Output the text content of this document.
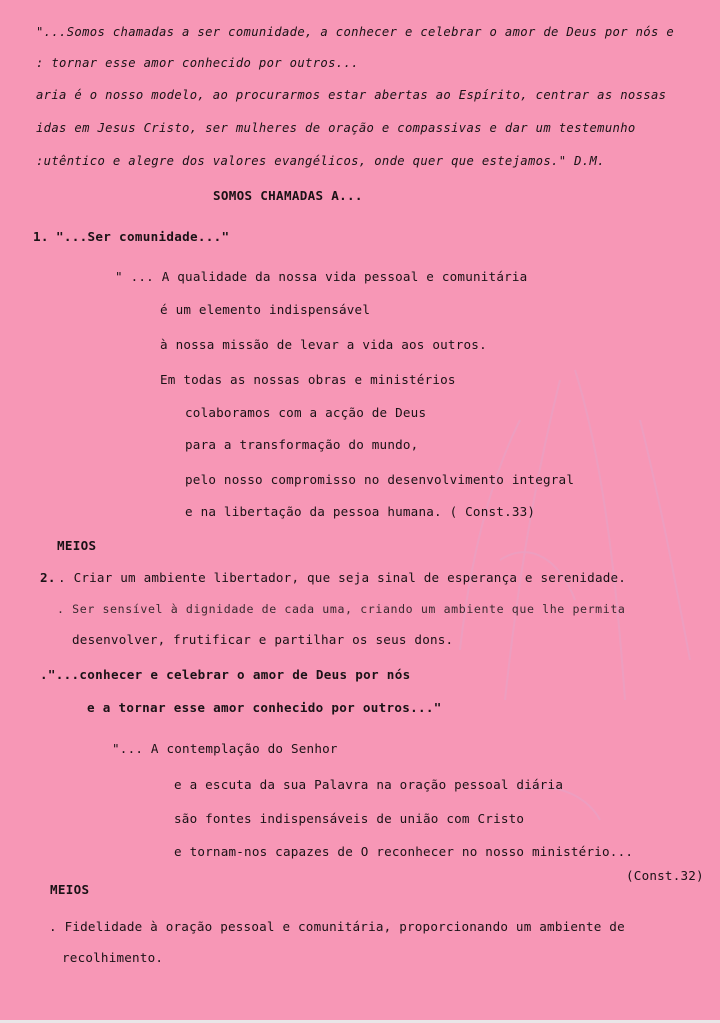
"...Somos chamadas a ser comunidade, a conhecer e celebrar o amor de Deus por nós e
: tornar esse amor conhecido por outros...
aria é o nosso modelo, ao procurarmos estar abertas ao Espírito, centrar as nossas
idas em Jesus Cristo, ser mulheres de oração e compassivas e dar um testemunho
:utêntico e alegre dos valores evangélicos, onde quer que estejamos." D.M.
SOMOS CHAMADAS A...
1. "...Ser comunidade..."
" ... A qualidade da nossa vida pessoal e comunitária
é um elemento indispensável
à nossa missão de levar a vida aos outros.
Em todas as nossas obras e ministérios
colaboramos com a acção de Deus
para a transformação do mundo,
pelo nosso compromisso no desenvolvimento integral
e na libertação da pessoa humana. ( Const.33)
MEIOS
2. . Criar um ambiente libertador, que seja sinal de esperança e serenidade.
. Ser sensível à dignidade de cada uma, criando um ambiente que lhe permita
desenvolver, frutificar e partilhar os seus dons.
."...conhecer e celebrar o amor de Deus por nós
e a tornar esse amor conhecido por outros..."
"... A contemplação do Senhor
e a escuta da sua Palavra na oração pessoal diária
são fontes indispensáveis de união com Cristo
e tornam-nos capazes de O reconhecer no nosso ministério...
(Const.32)
MEIOS
. Fidelidade à oração pessoal e comunitária, proporcionando um ambiente de
recolhimento.
